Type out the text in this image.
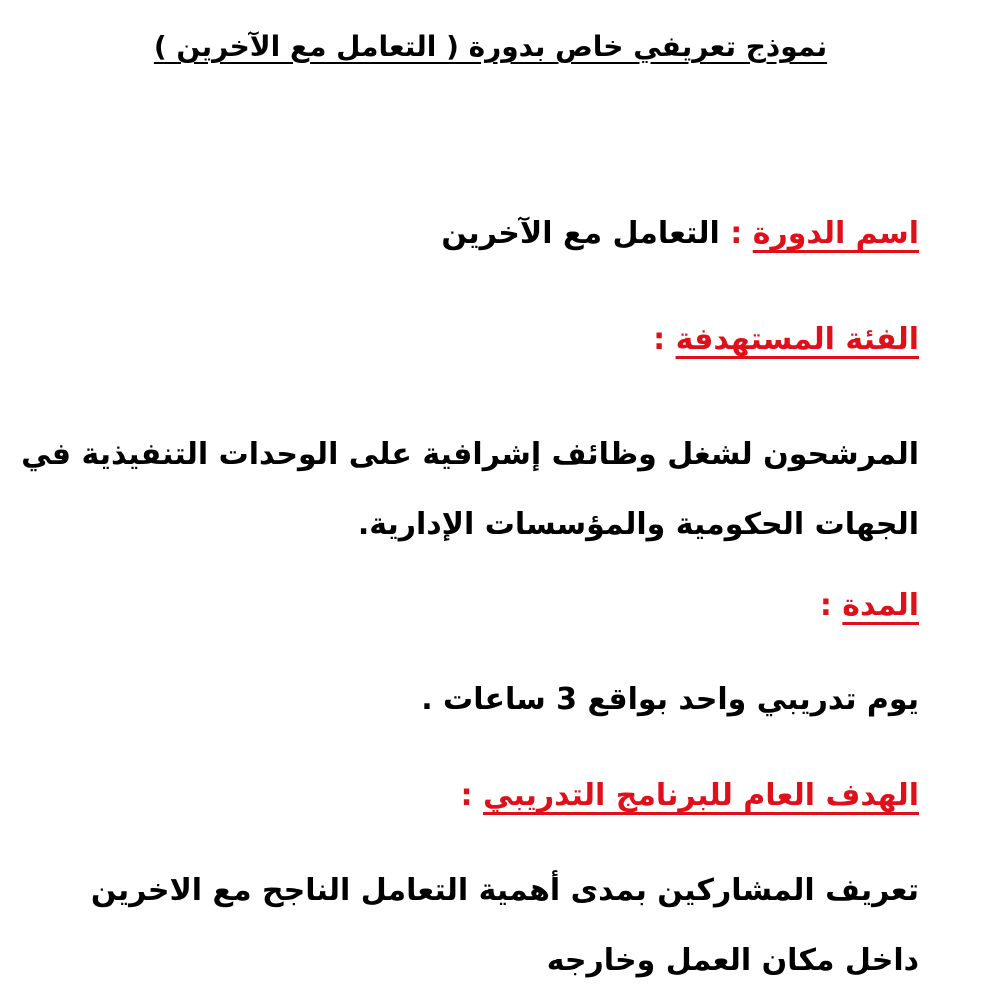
نموذج تعريفي خاص بدورة ( التعامل مع الآخرين )
اسم الدورة : التعامل مع الآخرين
الفئة المستهدفة :
المرشحون لشغل وظائف إشرافية على الوحدات التنفيذية في
الجهات الحكومية والمؤسسات الإدارية.
المدة :
يوم تدريبي واحد بواقع 3 ساعات .
الهدف العام للبرنامج التدريبي :
تعريف المشاركين بمدى أهمية التعامل الناجح مع الاخرين
داخل مكان العمل وخارجه
